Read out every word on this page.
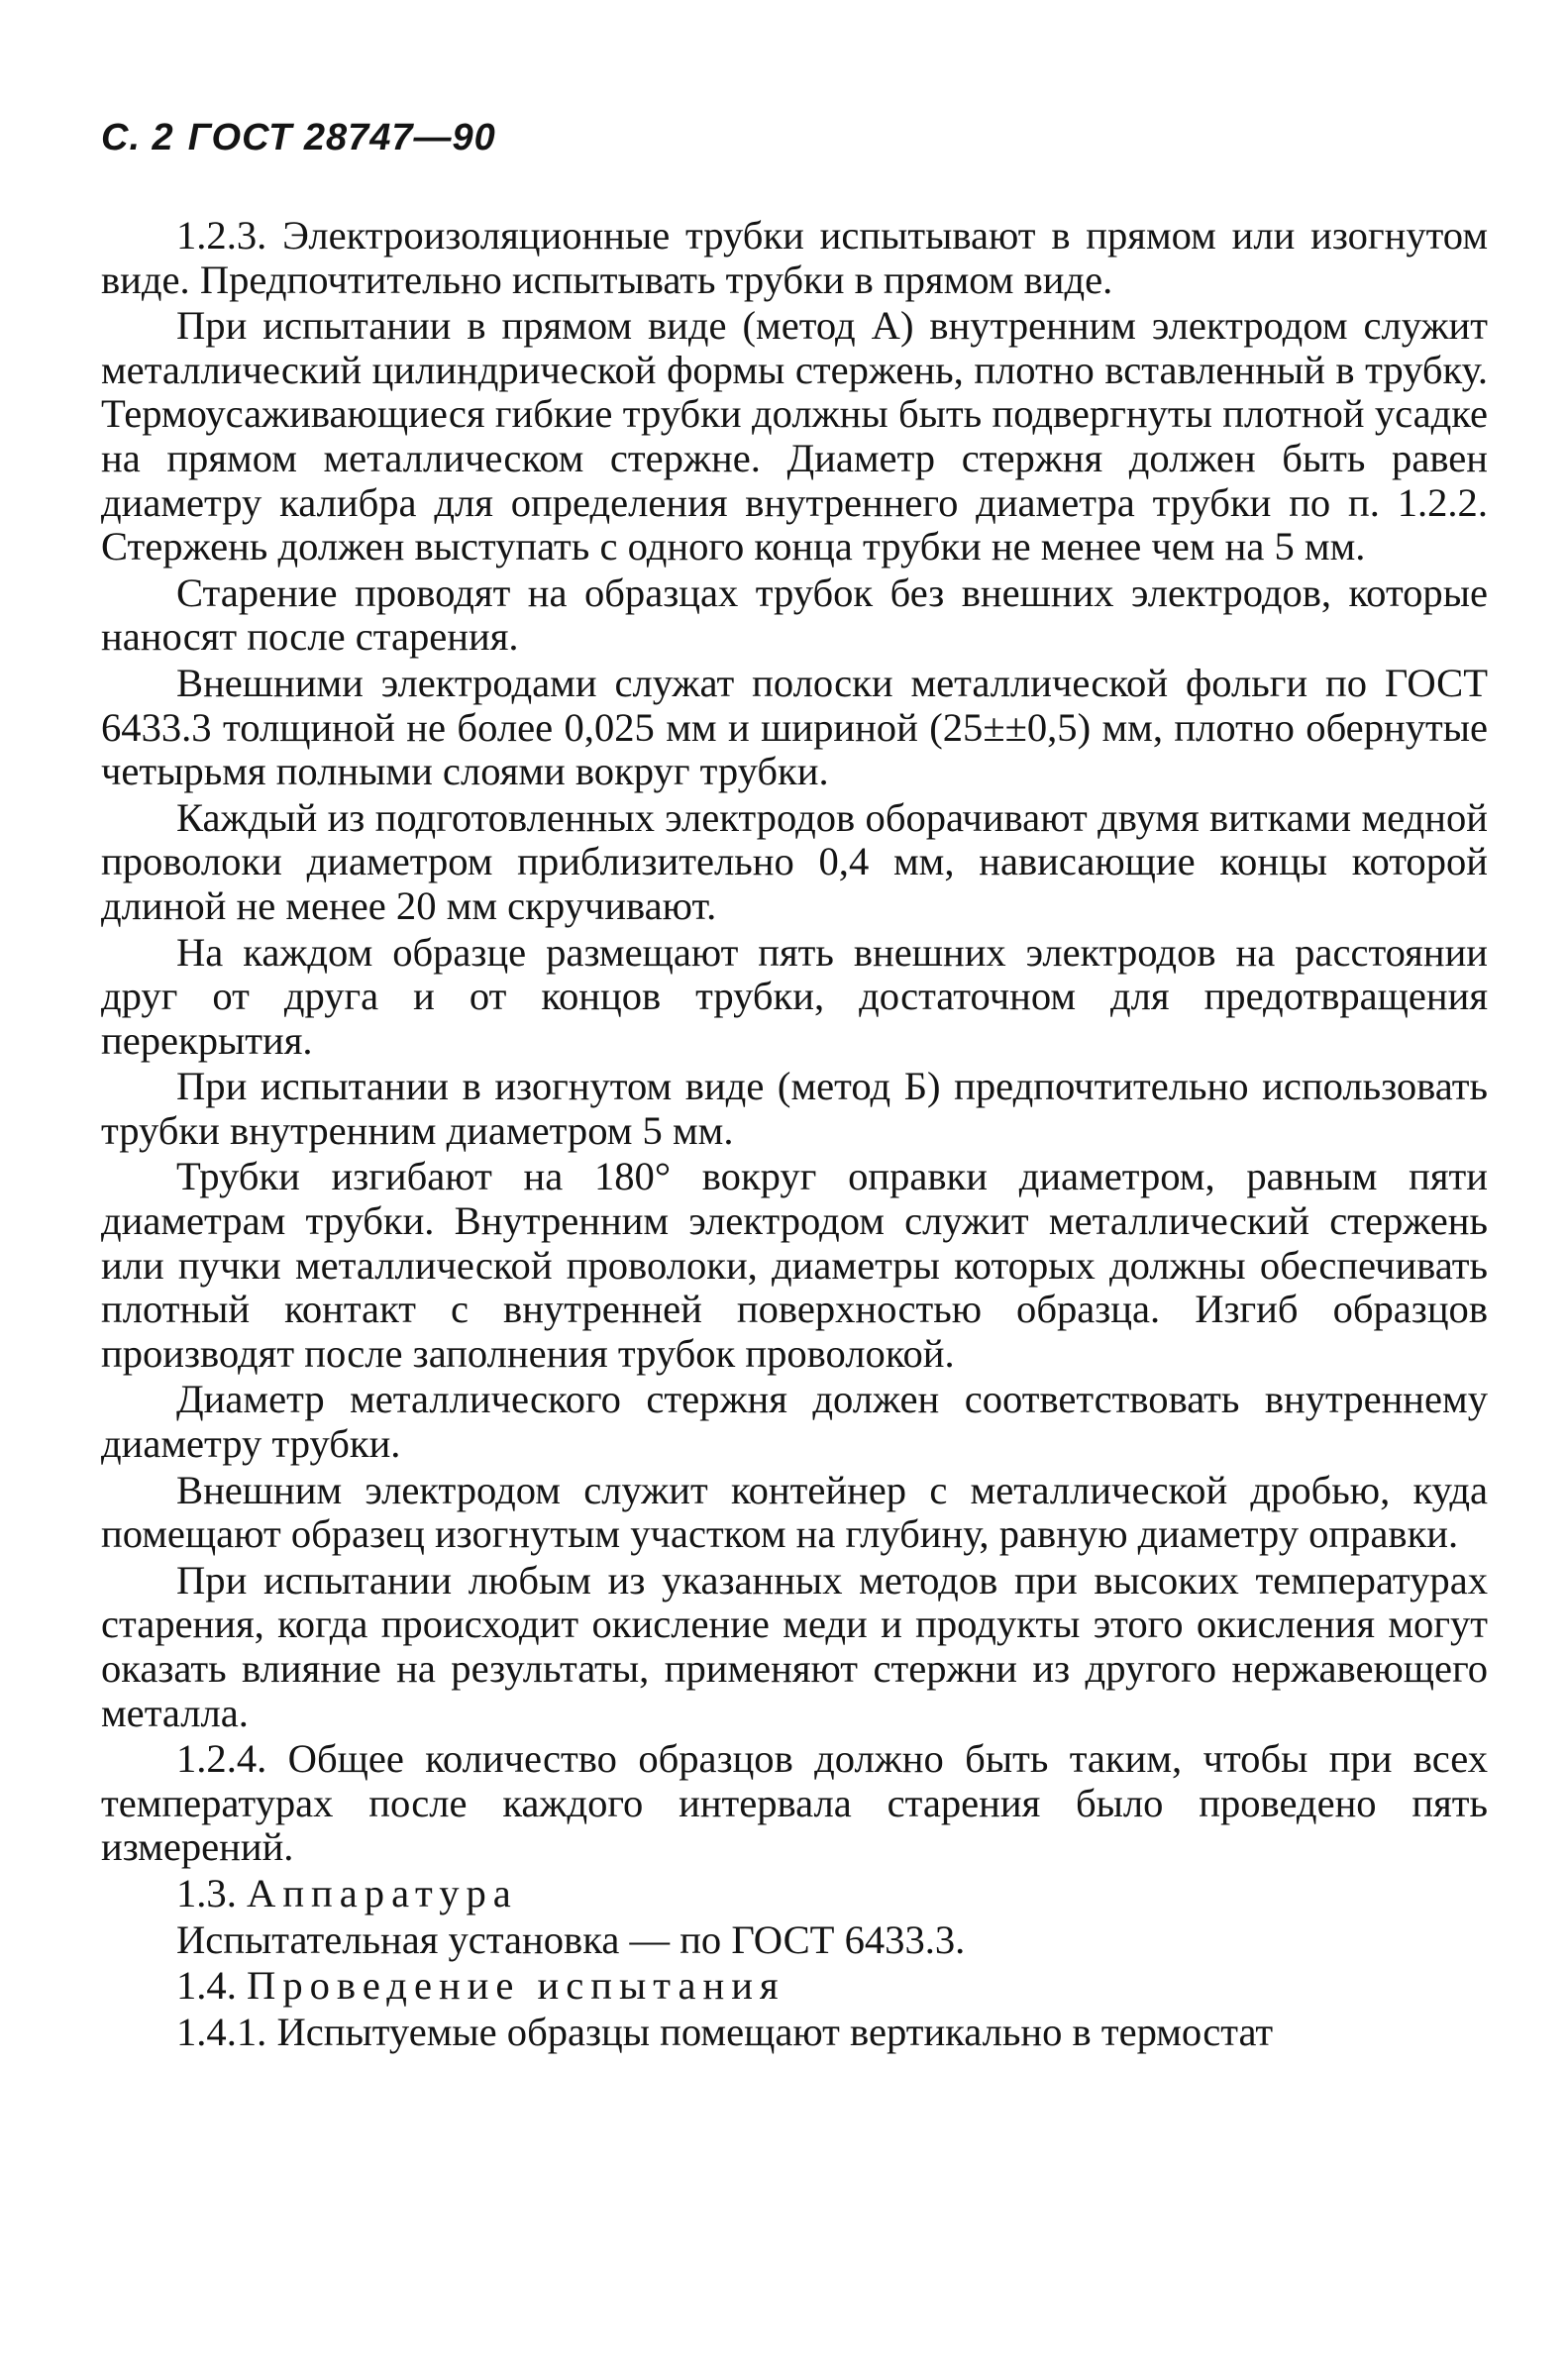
С. 2 ГОСТ 28747—90

1.2.3. Электроизоляционные трубки испытывают в прямом или изогнутом виде. Предпочтительно испытывать трубки в прямом виде.

При испытании в прямом виде (метод А) внутренним электродом служит металлический цилиндрической формы стержень, плотно вставленный в трубку. Термоусаживающиеся гибкие трубки должны быть подвергнуты плотной усадке на прямом металлическом стержне. Диаметр стержня должен быть равен диаметру калибра для определения внутреннего диаметра трубки по п. 1.2.2. Стержень должен выступать с одного конца трубки не менее чем на 5 мм.

Старение проводят на образцах трубок без внешних электродов, которые наносят после старения.

Внешними электродами служат полоски металлической фольги по ГОСТ 6433.3 толщиной не более 0,025 мм и шириной (25±±0,5) мм, плотно обернутые четырьмя полными слоями вокруг трубки.

Каждый из подготовленных электродов оборачивают двумя витками медной проволоки диаметром приблизительно 0,4 мм, нависающие концы которой длиной не менее 20 мм скручивают.

На каждом образце размещают пять внешних электродов на расстоянии друг от друга и от концов трубки, достаточном для предотвращения перекрытия.

При испытании в изогнутом виде (метод Б) предпочтительно использовать трубки внутренним диаметром 5 мм.

Трубки изгибают на 180° вокруг оправки диаметром, равным пяти диаметрам трубки. Внутренним электродом служит металлический стержень или пучки металлической проволоки, диаметры которых должны обеспечивать плотный контакт с внутренней поверхностью образца. Изгиб образцов производят после заполнения трубок проволокой.

Диаметр металлического стержня должен соответствовать внутреннему диаметру трубки.

Внешним электродом служит контейнер с металлической дробью, куда помещают образец изогнутым участком на глубину, равную диаметру оправки.

При испытании любым из указанных методов при высоких температурах старения, когда происходит окисление меди и продукты этого окисления могут оказать влияние на результаты, применяют стержни из другого нержавеющего металла.

1.2.4. Общее количество образцов должно быть таким, чтобы при всех температурах после каждого интервала старения было проведено пять измерений.

1.3. Аппаратура

Испытательная установка — по ГОСТ 6433.3.

1.4. Проведение испытания

1.4.1. Испытуемые образцы помещают вертикально в термостат
